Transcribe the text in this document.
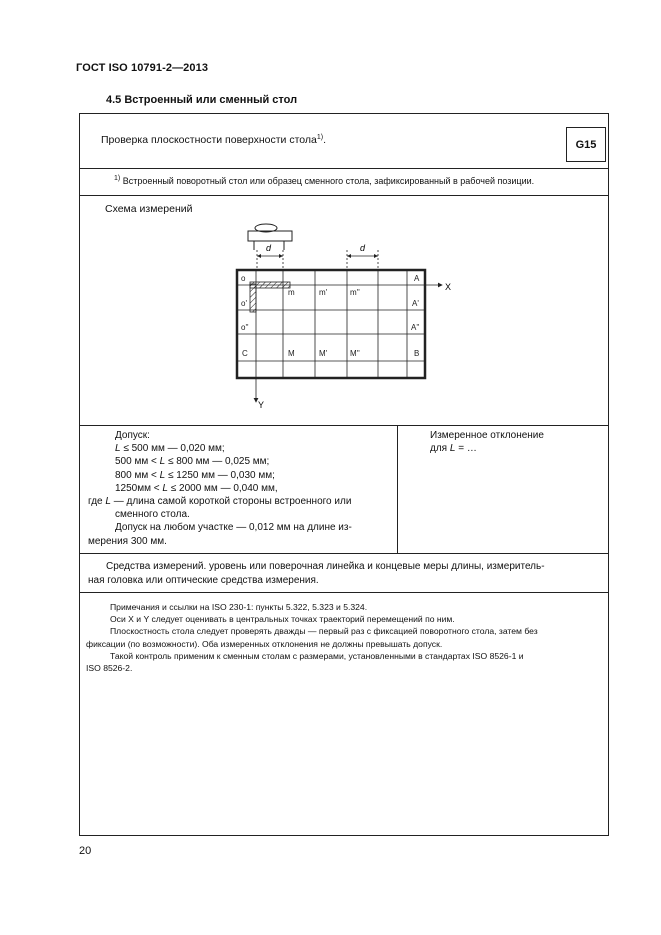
ГОСТ ISO 10791-2—2013
4.5 Встроенный или сменный стол
Проверка плоскостности поверхности стола$^{1)}$.	G15
$^{1)}$ Встроенный поворотный стол или образец сменного стола, зафиксированный в рабочей позиции.
Схема измерений
d	d
X
Y
o
o'
o''
m	m'	m''
A
A'
A''
C	M	M'	M''	B

Допуск:

L ≤ 500 мм — 0,020 мм;

500 мм < L ≤ 800 мм — 0,025 мм;

800 мм < L ≤ 1250 мм — 0,030 мм;

1250мм < L ≤ 2000 мм — 0,040 мм,

где L — длина самой короткой стороны встроенного или

сменного стола.

Допуск на любом участке — 0,012 мм на длине из-

мерения 300 мм.

Измеренное отклонение
для L = …
Средства измерений. уровень или поверочная линейка и концевые меры длины, измеритель-
ная головка или оптические средства измерения.

Примечания и ссылки на ISO 230-1: пункты 5.322, 5.323 и 5.324.

Оси X и Y следует оценивать в центральных точках траекторий перемещений по ним.

Плоскостность стола следует проверять дважды — первый раз с фиксацией поворотного стола, затем без

фиксации (по возможности). Оба измеренных отклонения не должны превышать допуск.

Такой контроль применим к сменным столам с размерами, установленными в стандартах ISO 8526-1 и

ISO 8526-2.

20
